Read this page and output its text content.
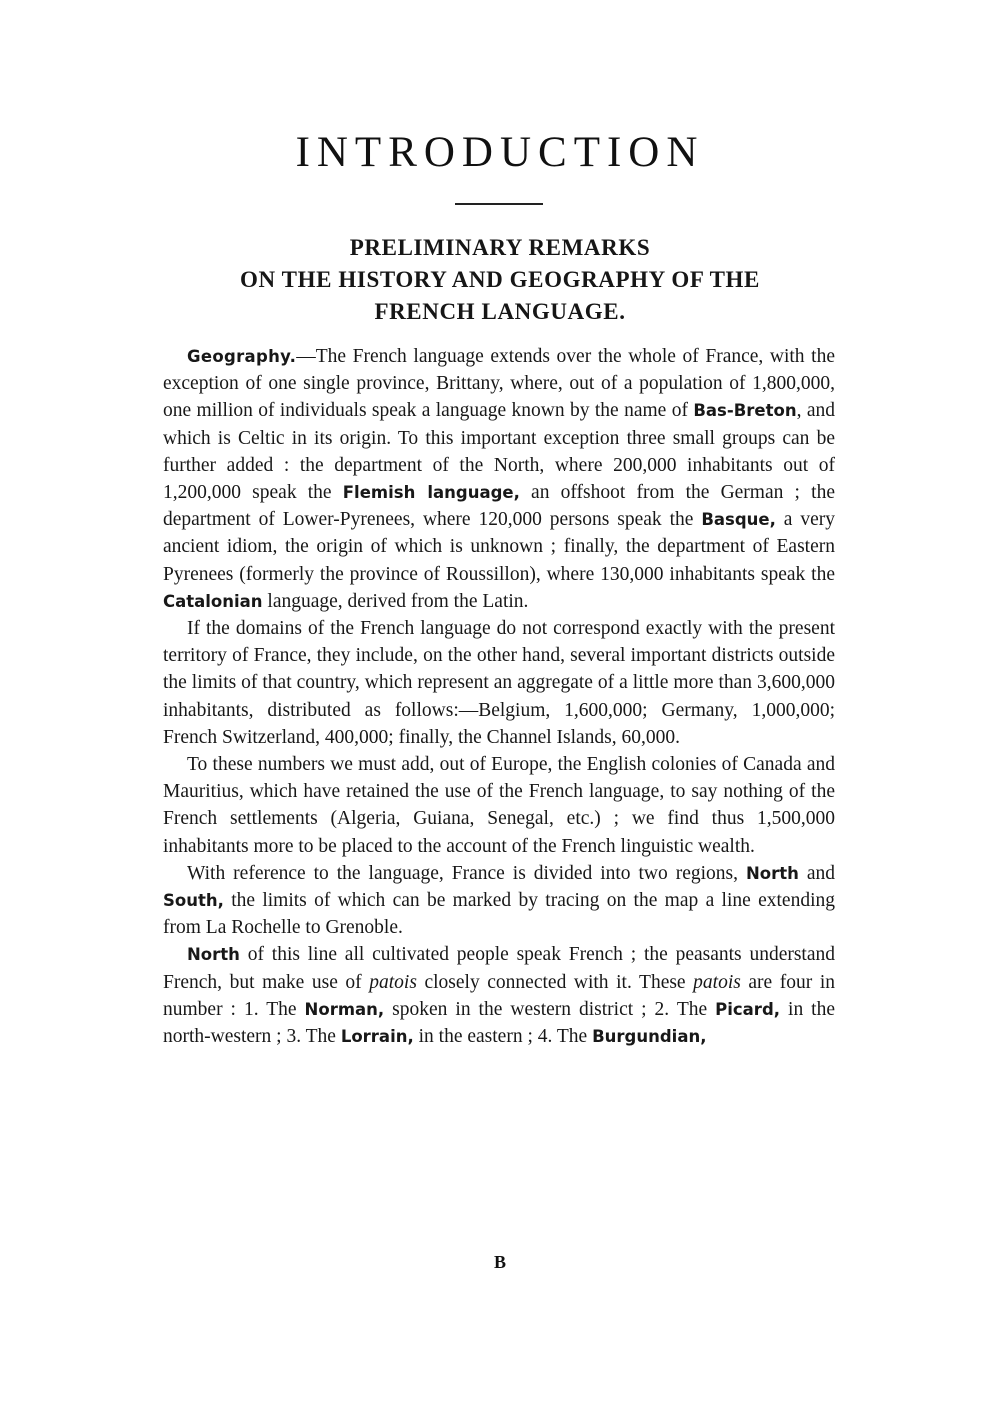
INTRODUCTION
PRELIMINARY REMARKS
ON THE HISTORY AND GEOGRAPHY OF THE
FRENCH LANGUAGE.

Geography.—The French language extends over the whole of France, with the exception of one single province, Brittany, where, out of a population of 1,800,000, one million of individuals speak a language known by the name of Bas-Breton, and which is Celtic in its origin. To this important exception three small groups can be further added : the department of the North, where 200,000 inhabitants out of 1,200,000 speak the Flemish language, an offshoot from the German ; the department of Lower-Pyrenees, where 120,000 persons speak the Basque, a very ancient idiom, the origin of which is unknown ; finally, the department of Eastern Pyrenees (formerly the province of Roussillon), where 130,000 inhabitants speak the Catalonian language, derived from the Latin.

If the domains of the French language do not correspond exactly with the present territory of France, they include, on the other hand, several important districts outside the limits of that country, which represent an aggregate of a little more than 3,600,000 inhabitants, distributed as follows:—Belgium, 1,600,000; Germany, 1,000,000; French Switzerland, 400,000; finally, the Channel Islands, 60,000.

To these numbers we must add, out of Europe, the English colonies of Canada and Mauritius, which have retained the use of the French language, to say nothing of the French settlements (Algeria, Guiana, Senegal, etc.) ; we find thus 1,500,000 inhabitants more to be placed to the account of the French linguistic wealth.

With reference to the language, France is divided into two regions, North and South, the limits of which can be marked by tracing on the map a line extending from La Rochelle to Grenoble.

North of this line all cultivated people speak French ; the peasants understand French, but make use of patois closely connected with it. These patois are four in number : 1. The Norman, spoken in the western district ; 2. The Picard, in the north-western ; 3. The Lorrain, in the eastern ; 4. The Burgundian,

B
